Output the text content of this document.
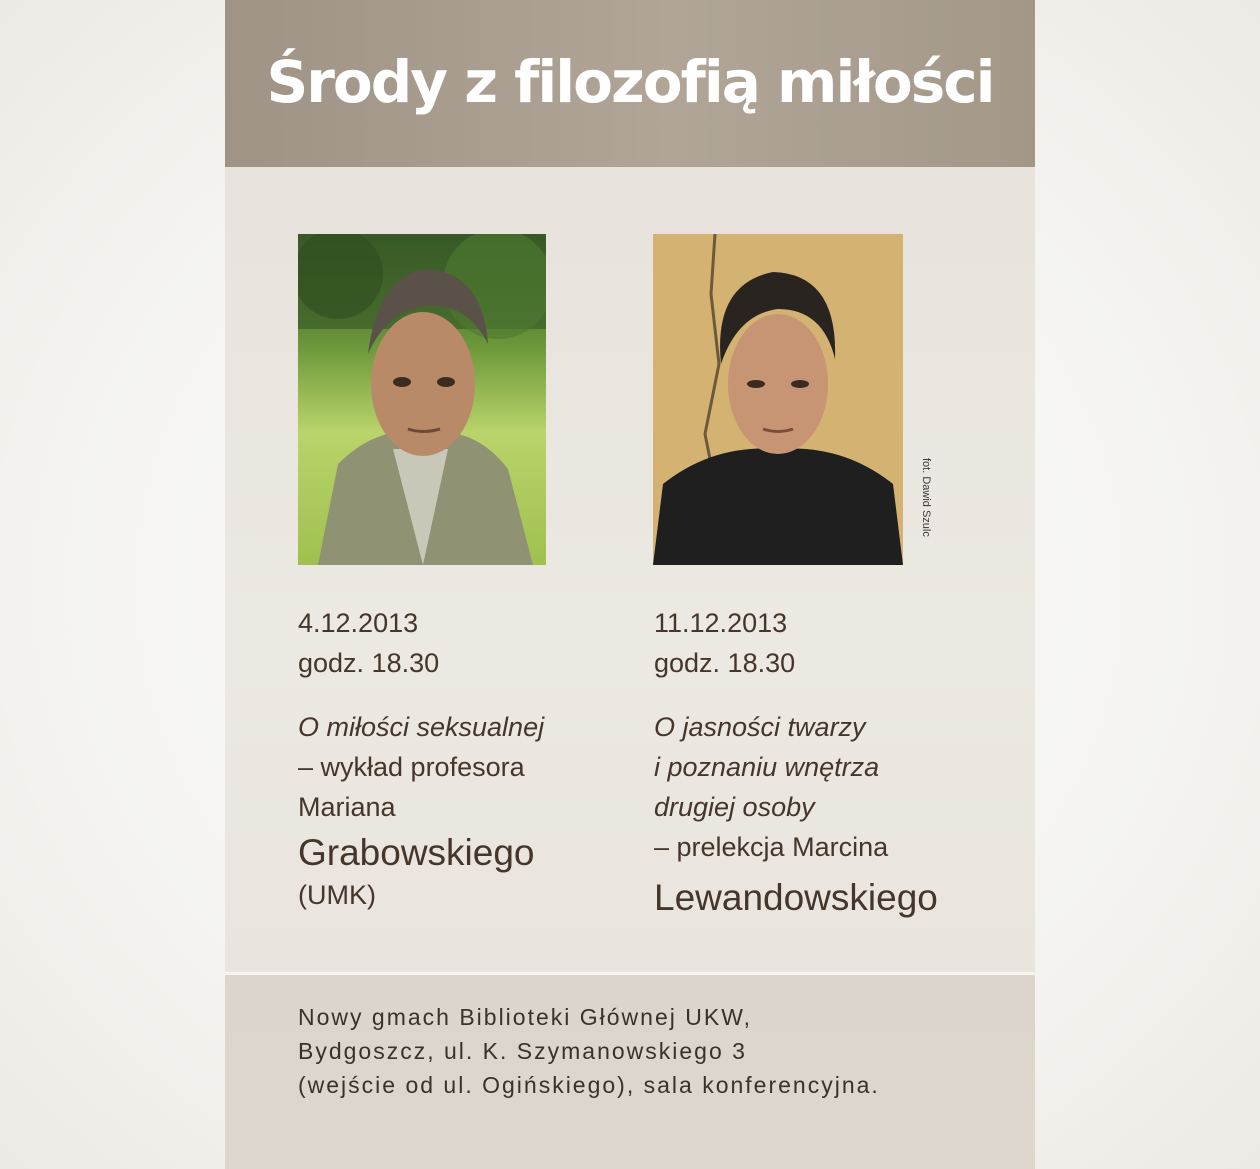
Środy z filozofią miłości
fot. Dawid Szulc
4.12.2013
godz. 18.30
O miłości seksualnej
– wykład profesora
Mariana
Grabowskiego
(UMK)
11.12.2013
godz. 18.30
O jasności twarzy
i poznaniu wnętrza
drugiej osoby
– prelekcja Marcina
Lewandowskiego
Nowy gmach Biblioteki Głównej UKW,
Bydgoszcz, ul. K. Szymanowskiego 3
(wejście od ul. Ogińskiego), sala konferencyjna.
